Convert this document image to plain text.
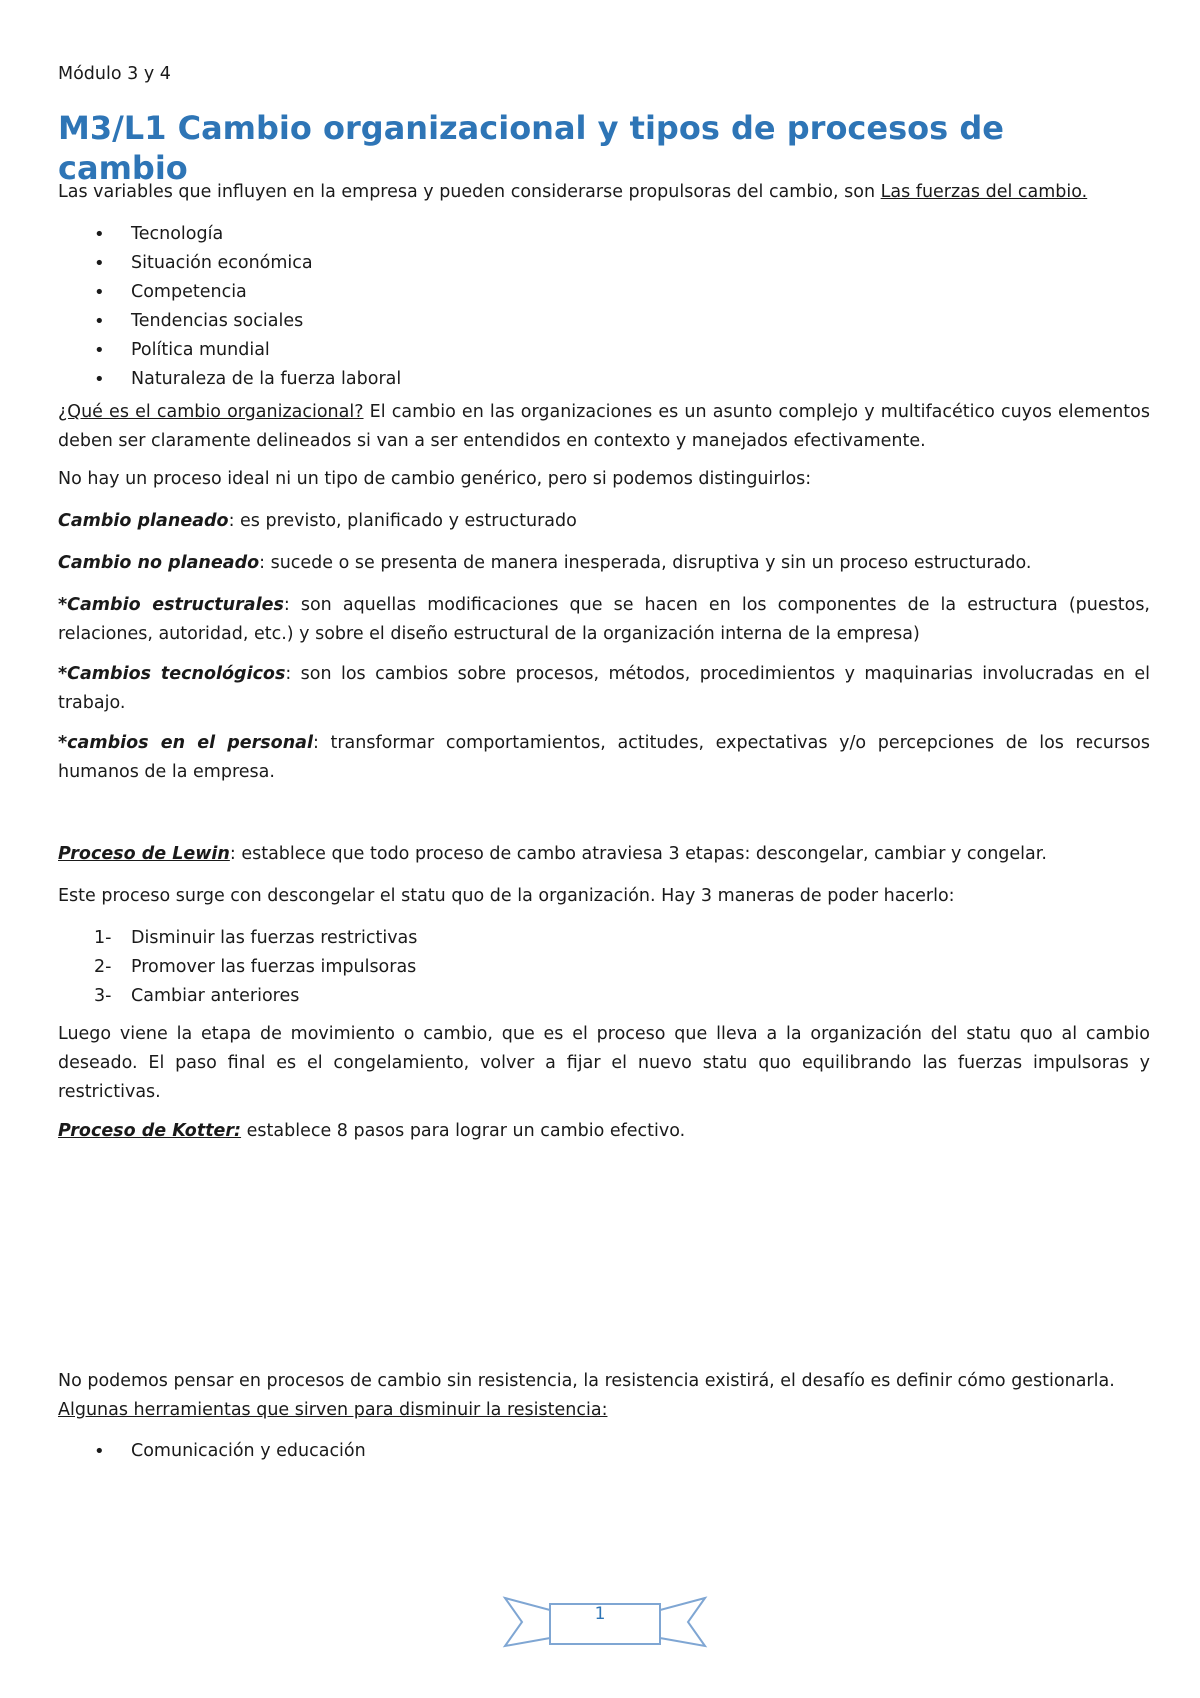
Módulo 3 y 4
M3/L1 Cambio organizacional y tipos de procesos de cambio

Las variables que influyen en la empresa y pueden considerarse propulsoras del cambio, son Las fuerzas del cambio.

• Tecnología
• Situación económica
• Competencia
• Tendencias sociales
• Política mundial
• Naturaleza de la fuerza laboral

¿Qué es el cambio organizacional? El cambio en las organizaciones es un asunto complejo y multifacético cuyos elementos deben ser claramente delineados si van a ser entendidos en contexto y manejados efectivamente.

No hay un proceso ideal ni un tipo de cambio genérico, pero si podemos distinguirlos:

Cambio planeado: es previsto, planificado y estructurado

Cambio no planeado: sucede o se presenta de manera inesperada, disruptiva y sin un proceso estructurado.

*Cambio estructurales: son aquellas modificaciones que se hacen en los componentes de la estructura (puestos, relaciones, autoridad, etc.) y sobre el diseño estructural de la organización interna de la empresa)

*Cambios tecnológicos: son los cambios sobre procesos, métodos, procedimientos y maquinarias involucradas en el trabajo.

*cambios en el personal: transformar comportamientos, actitudes, expectativas y/o percepciones de los recursos humanos de la empresa.

Proceso de Lewin: establece que todo proceso de cambo atraviesa 3 etapas: descongelar, cambiar y congelar.

Este proceso surge con descongelar el statu quo de la organización. Hay 3 maneras de poder hacerlo:

1- Disminuir las fuerzas restrictivas
2- Promover las fuerzas impulsoras
3- Cambiar anteriores

Luego viene la etapa de movimiento o cambio, que es el proceso que lleva a la organización del statu quo al cambio deseado. El paso final es el congelamiento, volver a fijar el nuevo statu quo equilibrando las fuerzas impulsoras y restrictivas.

Proceso de Kotter: establece 8 pasos para lograr un cambio efectivo.

No podemos pensar en procesos de cambio sin resistencia, la resistencia existirá, el desafío es definir cómo gestionarla.
Algunas herramientas que sirven para disminuir la resistencia:

• Comunicación y educación
1
